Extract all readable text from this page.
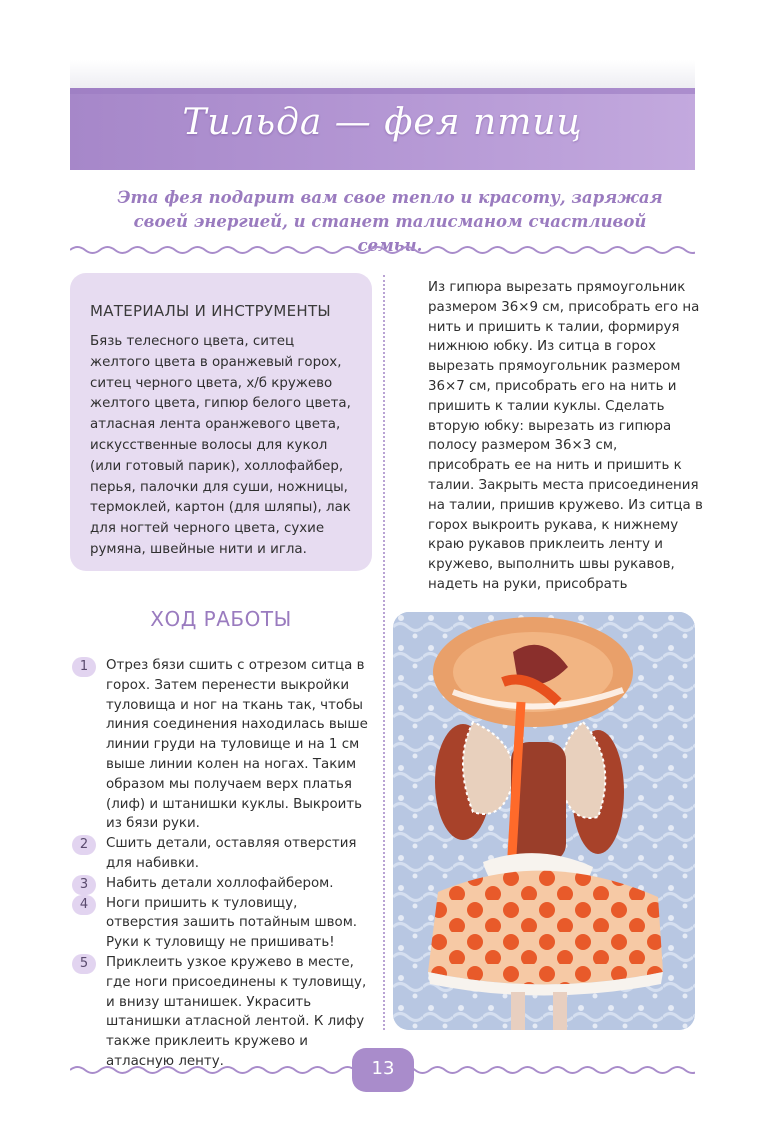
Тильда — фея птиц
Эта фея подарит вам свое тепло и красоту, заряжая своей энергией, и станет талисманом счастливой семьи.
МАТЕРИАЛЫ И ИНСТРУМЕНТЫ
Бязь телесного цвета, ситец желтого цвета в оранжевый горох, ситец черного цвета, х/б кружево желтого цвета, гипюр белого цвета, атласная лента оранжевого цвета, искусственные волосы для кукол (или готовый парик), холлофайбер, перья, палочки для суши, ножницы, термоклей, картон (для шляпы), лак для ногтей черного цвета, сухие румяна, швейные нити и игла.
ХОД РАБОТЫ
1	Отрез бязи сшить с отрезом ситца в горох. Затем перенести выкройки туловища и ног на ткань так, чтобы линия соединения находилась выше линии груди на туловище и на 1 см выше линии колен на ногах. Таким образом мы получаем верх платья (лиф) и штанишки куклы. Выкроить из бязи руки.
2	Сшить детали, оставляя отверстия для набивки.
3	Набить детали холлофайбером.
4	Ноги пришить к туловищу, отверстия зашить потайным швом. Руки к туловищу не пришивать!
5	Приклеить узкое кружево в месте, где ноги присоединены к туловищу, и внизу штанишек. Украсить штанишки атласной лентой. К лифу также приклеить кружево и атласную ленту.
Из гипюра вырезать прямоугольник размером 36×9 см, присобрать его на нить и пришить к талии, формируя нижнюю юбку. Из ситца в горох вырезать прямоугольник размером 36×7 см, присобрать его на нить и пришить к талии куклы. Сделать вторую юбку: вырезать из гипюра полосу размером 36×3 см, присобрать ее на нить и пришить к талии. Закрыть места присоединения на талии, пришив кружево. Из ситца в горох выкроить рукава, к нижнему краю рукавов приклеить ленту и кружево, выполнить швы рукавов, надеть на руки, присобрать
13
